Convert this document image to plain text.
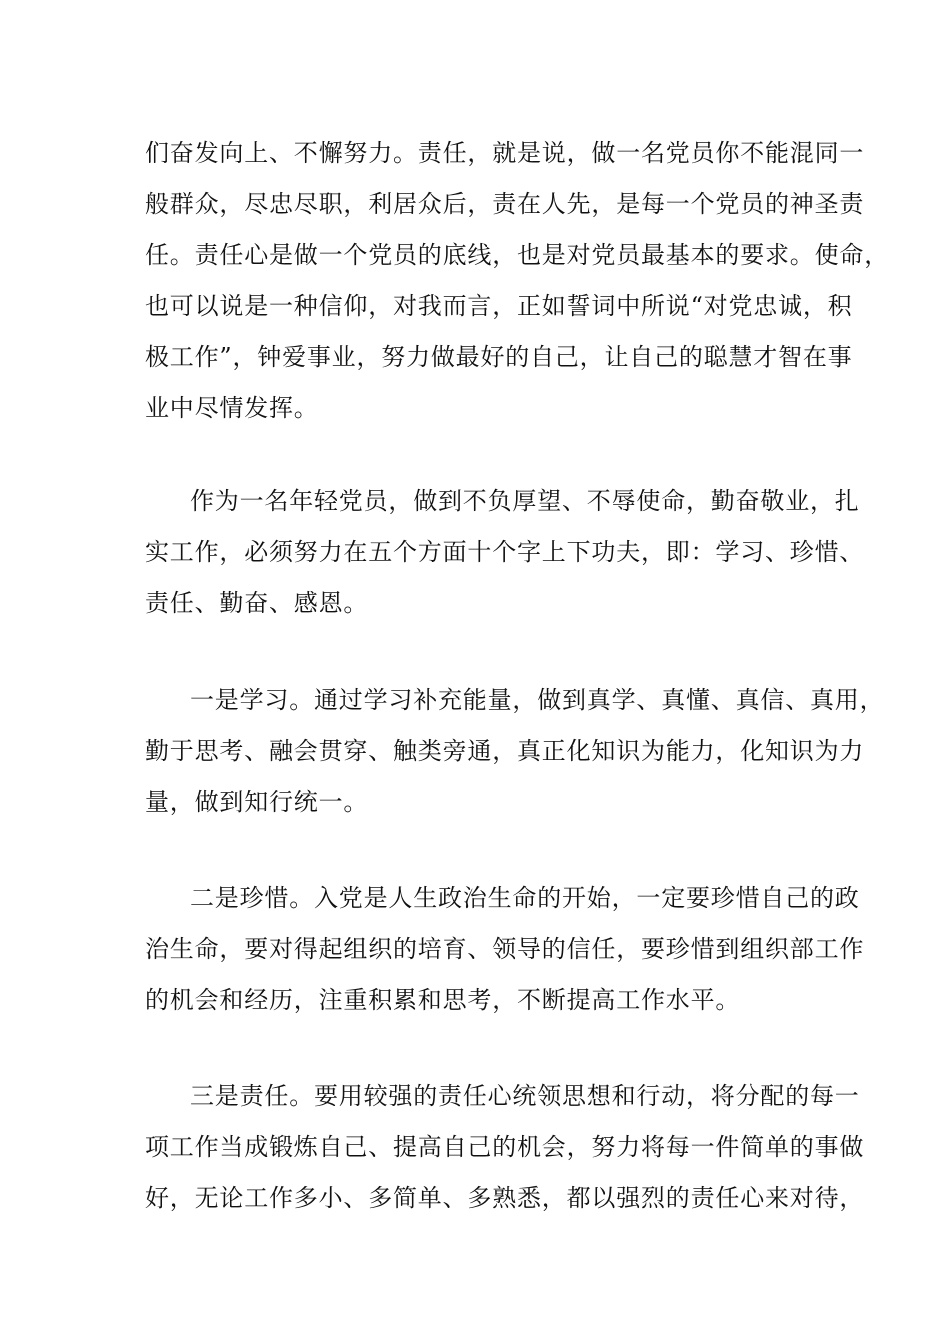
们奋发向上、不懈努力。责任，就是说，做一名党员你不能混同一
般群众，尽忠尽职，利居众后，责在人先，是每一个党员的神圣责
任。责任心是做一个党员的底线，也是对党员最基本的要求。使命，
也可以说是一种信仰，对我而言，正如誓词中所说“对党忠诚，积
极工作”，钟爱事业，努力做最好的自己，让自己的聪慧才智在事
业中尽情发挥。

作为一名年轻党员，做到不负厚望、不辱使命，勤奋敬业，扎
实工作，必须努力在五个方面十个字上下功夫，即：学习、珍惜、
责任、勤奋、感恩。

一是学习。通过学习补充能量，做到真学、真懂、真信、真用，
勤于思考、融会贯穿、触类旁通，真正化知识为能力，化知识为力
量，做到知行统一。

二是珍惜。入党是人生政治生命的开始，一定要珍惜自己的政
治生命，要对得起组织的培育、领导的信任，要珍惜到组织部工作
的机会和经历，注重积累和思考，不断提高工作水平。

三是责任。要用较强的责任心统领思想和行动，将分配的每一
项工作当成锻炼自己、提高自己的机会，努力将每一件简单的事做
好，无论工作多小、多简单、多熟悉，都以强烈的责任心来对待，
